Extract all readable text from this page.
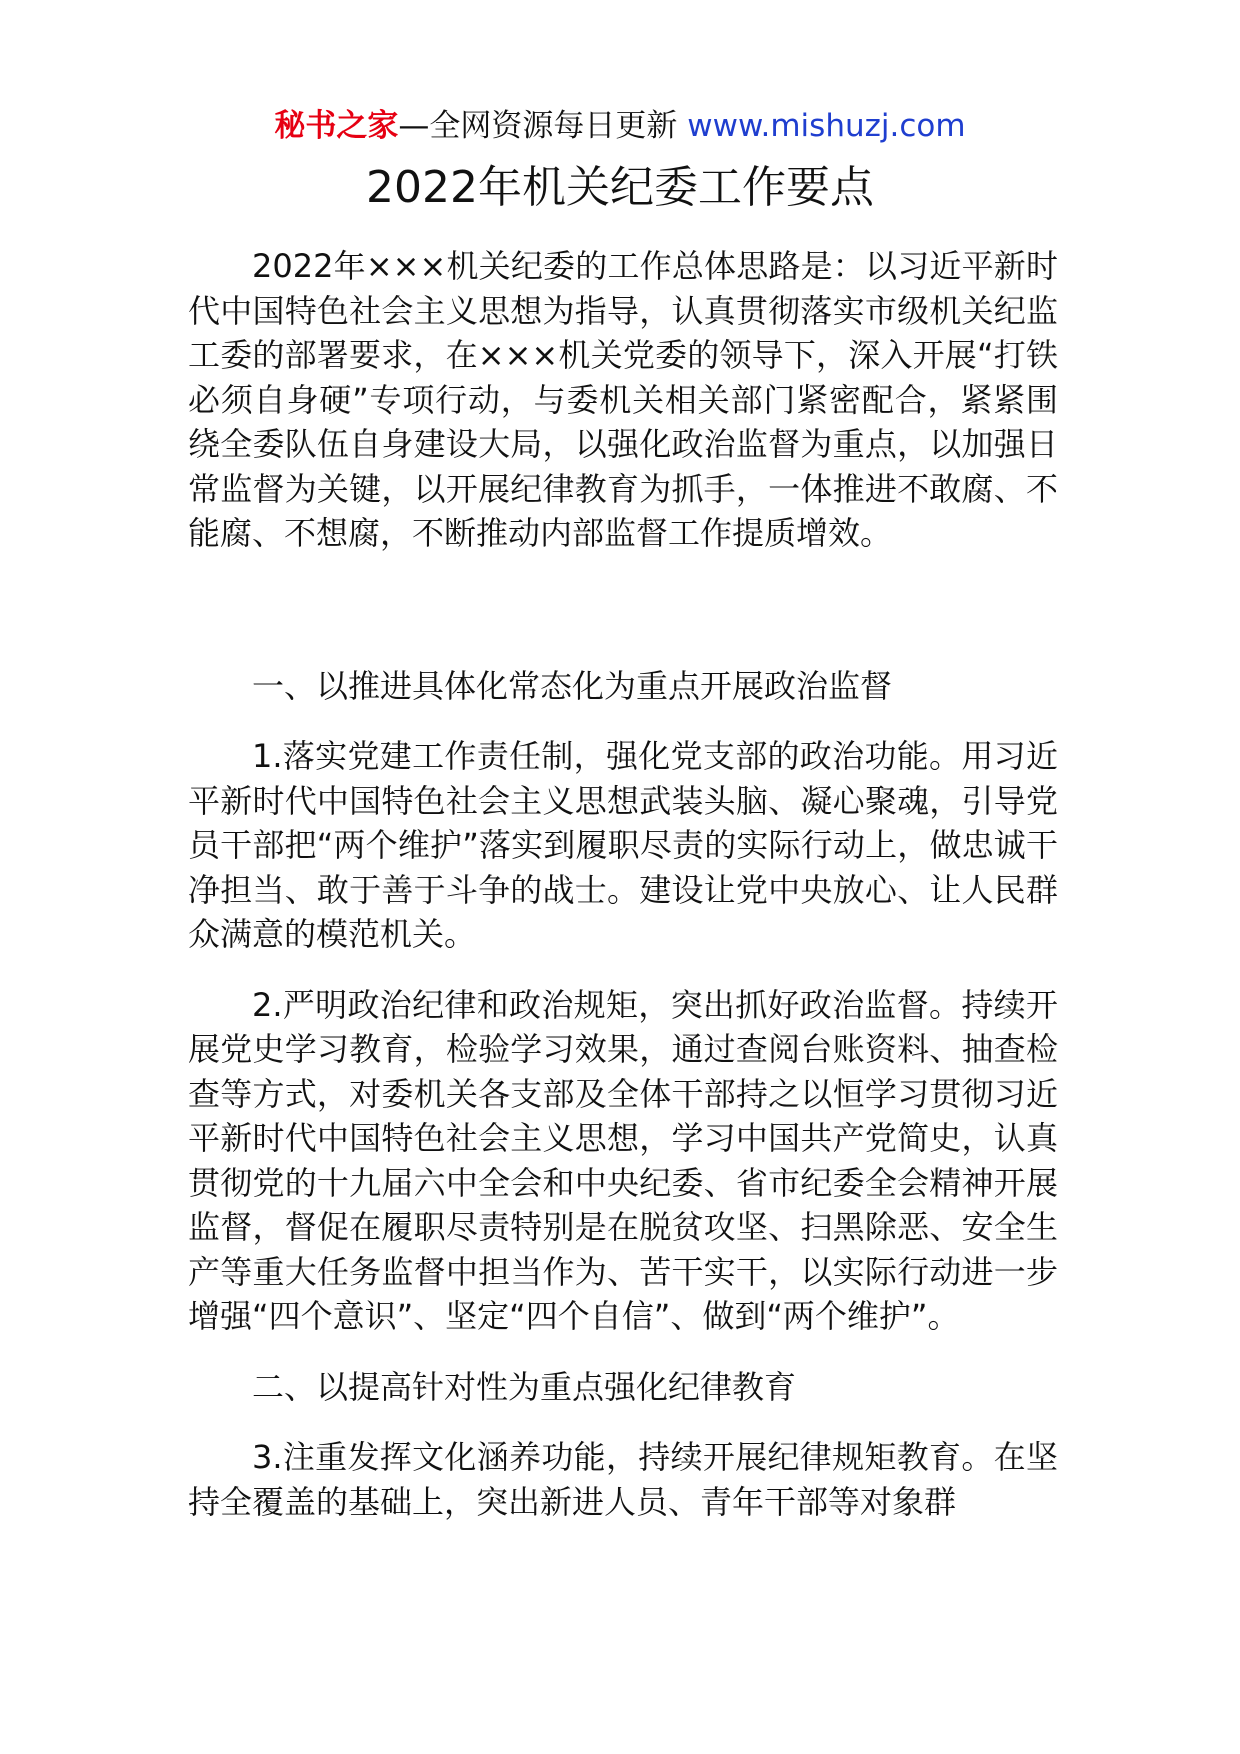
秘书之家—全网资源每日更新 www.mishuzj.com
2022年机关纪委工作要点

2022年×××机关纪委的工作总体思路是：以习近平新时代中国特色社会主义思想为指导，认真贯彻落实市级机关纪监工委的部署要求，在×××机关党委的领导下，深入开展“打铁必须自身硬”专项行动，与委机关相关部门紧密配合，紧紧围绕全委队伍自身建设大局，以强化政治监督为重点，以加强日常监督为关键，以开展纪律教育为抓手，一体推进不敢腐、不能腐、不想腐，不断推动内部监督工作提质增效。

一、以推进具体化常态化为重点开展政治监督

1.落实党建工作责任制，强化党支部的政治功能。用习近平新时代中国特色社会主义思想武装头脑、凝心聚魂，引导党员干部把“两个维护”落实到履职尽责的实际行动上，做忠诚干净担当、敢于善于斗争的战士。建设让党中央放心、让人民群众满意的模范机关。

2.严明政治纪律和政治规矩，突出抓好政治监督。持续开展党史学习教育，检验学习效果，通过查阅台账资料、抽查检查等方式，对委机关各支部及全体干部持之以恒学习贯彻习近平新时代中国特色社会主义思想，学习中国共产党简史，认真贯彻党的十九届六中全会和中央纪委、省市纪委全会精神开展监督，督促在履职尽责特别是在脱贫攻坚、扫黑除恶、安全生产等重大任务监督中担当作为、苦干实干，以实际行动进一步增强“四个意识”、坚定“四个自信”、做到“两个维护”。

二、以提高针对性为重点强化纪律教育

3.注重发挥文化涵养功能，持续开展纪律规矩教育。在坚持全覆盖的基础上，突出新进人员、青年干部等对象群
